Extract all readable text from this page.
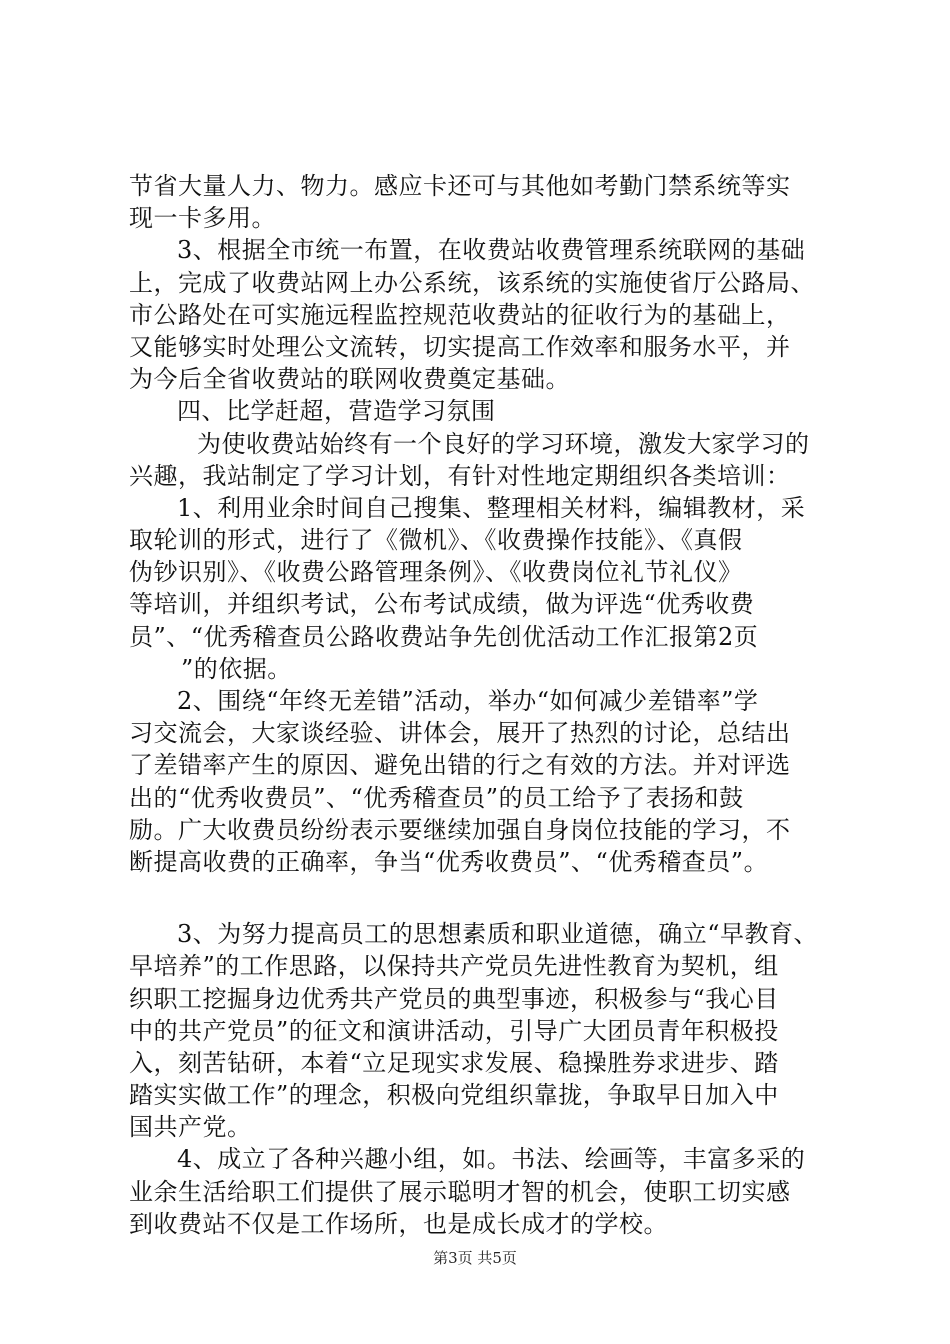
节省大量人力、物力。感应卡还可与其他如考勤门禁系统等实
现一卡多用。
3、根据全市统一布置，在收费站收费管理系统联网的基础
上，完成了收费站网上办公系统，该系统的实施使省厅公路局、
市公路处在可实施远程监控规范收费站的征收行为的基础上，
又能够实时处理公文流转，切实提高工作效率和服务水平，并
为今后全省收费站的联网收费奠定基础。
四、比学赶超，营造学习氛围
为使收费站始终有一个良好的学习环境，激发大家学习的
兴趣，我站制定了学习计划，有针对性地定期组织各类培训：
1、利用业余时间自己搜集、整理相关材料，编辑教材，采
取轮训的形式，进行了《微机》、《收费操作技能》、《真假
伪钞识别》、《收费公路管理条例》、《收费岗位礼节礼仪》
等培训，并组织考试，公布考试成绩，做为评选“优秀收费
员”、“优秀稽查员公路收费站争先创优活动工作汇报第2页
”的依据。
2、围绕“年终无差错”活动，举办“如何减少差错率”学
习交流会，大家谈经验、讲体会，展开了热烈的讨论，总结出
了差错率产生的原因、避免出错的行之有效的方法。并对评选
出的“优秀收费员”、“优秀稽查员”的员工给予了表扬和鼓
励。广大收费员纷纷表示要继续加强自身岗位技能的学习，不
断提高收费的正确率，争当“优秀收费员”、“优秀稽查员”。
3、为努力提高员工的思想素质和职业道德，确立“早教育、
早培养”的工作思路，以保持共产党员先进性教育为契机，组
织职工挖掘身边优秀共产党员的典型事迹，积极参与“我心目
中的共产党员”的征文和演讲活动，引导广大团员青年积极投
入，刻苦钻研，本着“立足现实求发展、稳操胜券求进步、踏
踏实实做工作”的理念，积极向党组织靠拢，争取早日加入中
国共产党。
4、成立了各种兴趣小组，如。书法、绘画等，丰富多采的
业余生活给职工们提供了展示聪明才智的机会，使职工切实感
到收费站不仅是工作场所，也是成长成才的学校。
第3页 共5页
